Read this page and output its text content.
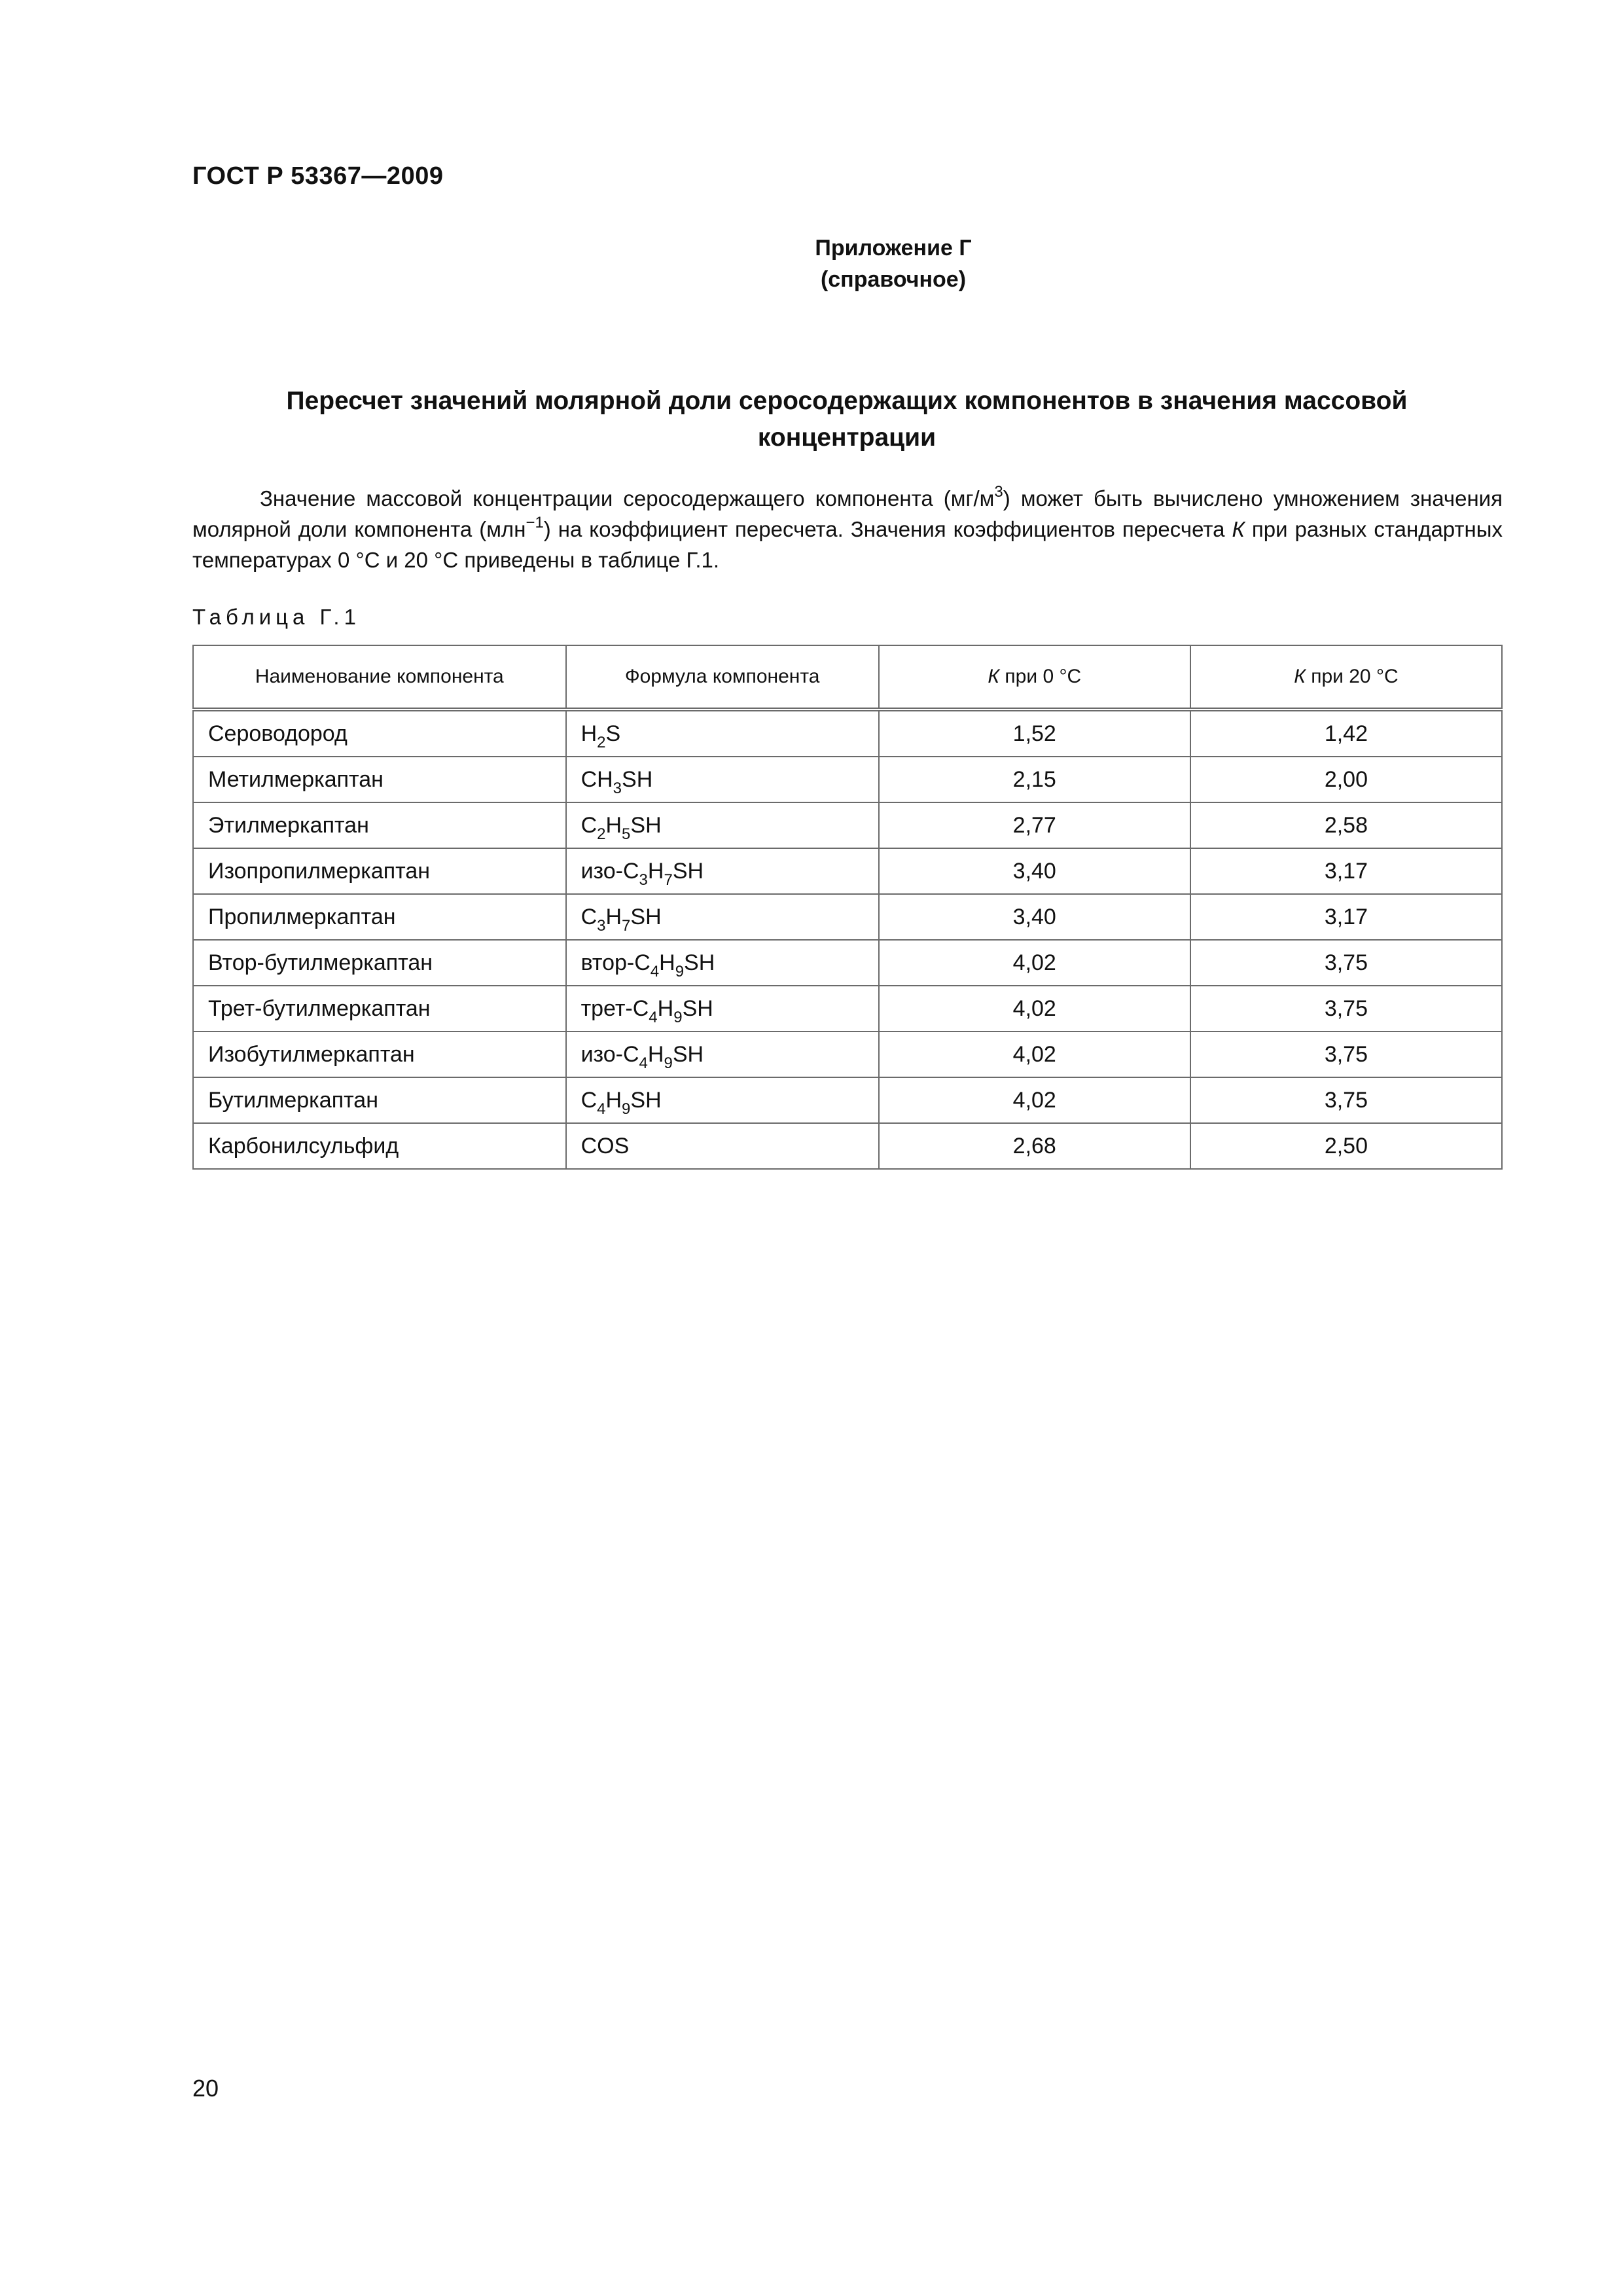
ГОСТ Р 53367—2009
Приложение Г
(справочное)
Пересчет значений молярной доли серосодержащих компонентов в значения массовой
концентрации

Значение массовой концентрации серосодержащего компонента $(мг/м^3)$ может быть вычислено умножением значения молярной доли компонента (млн$^{-1}$) на коэффициент пересчета. Значения коэффициентов пересчета К при разных стандартных температурах 0 °С и 20 °С приведены в таблице Г.1.

Таблица Г.1
Наименование компонента	Формула компонента	К при 0 °С	К при 20 °С
Сероводород	$H_2S$	1,52	1,42
Метилмеркаптан	$CH_3SH$	2,15	2,00
Этилмеркаптан	$C_2H_5SH$	2,77	2,58
Изопропилмеркаптан	изо-$C_3H_7SH$	3,40	3,17
Пропилмеркаптан	$C_3H_7SH$	3,40	3,17
Втор-бутилмеркаптан	втор-$C_4H_9SH$	4,02	3,75
Трет-бутилмеркаптан	трет-$C_4H_9SH$	4,02	3,75
Изобутилмеркаптан	изо-$C_4H_9SH$	4,02	3,75
Бутилмеркаптан	$C_4H_9SH$	4,02	3,75
Карбонилсульфид	COS	2,68	2,50
20
